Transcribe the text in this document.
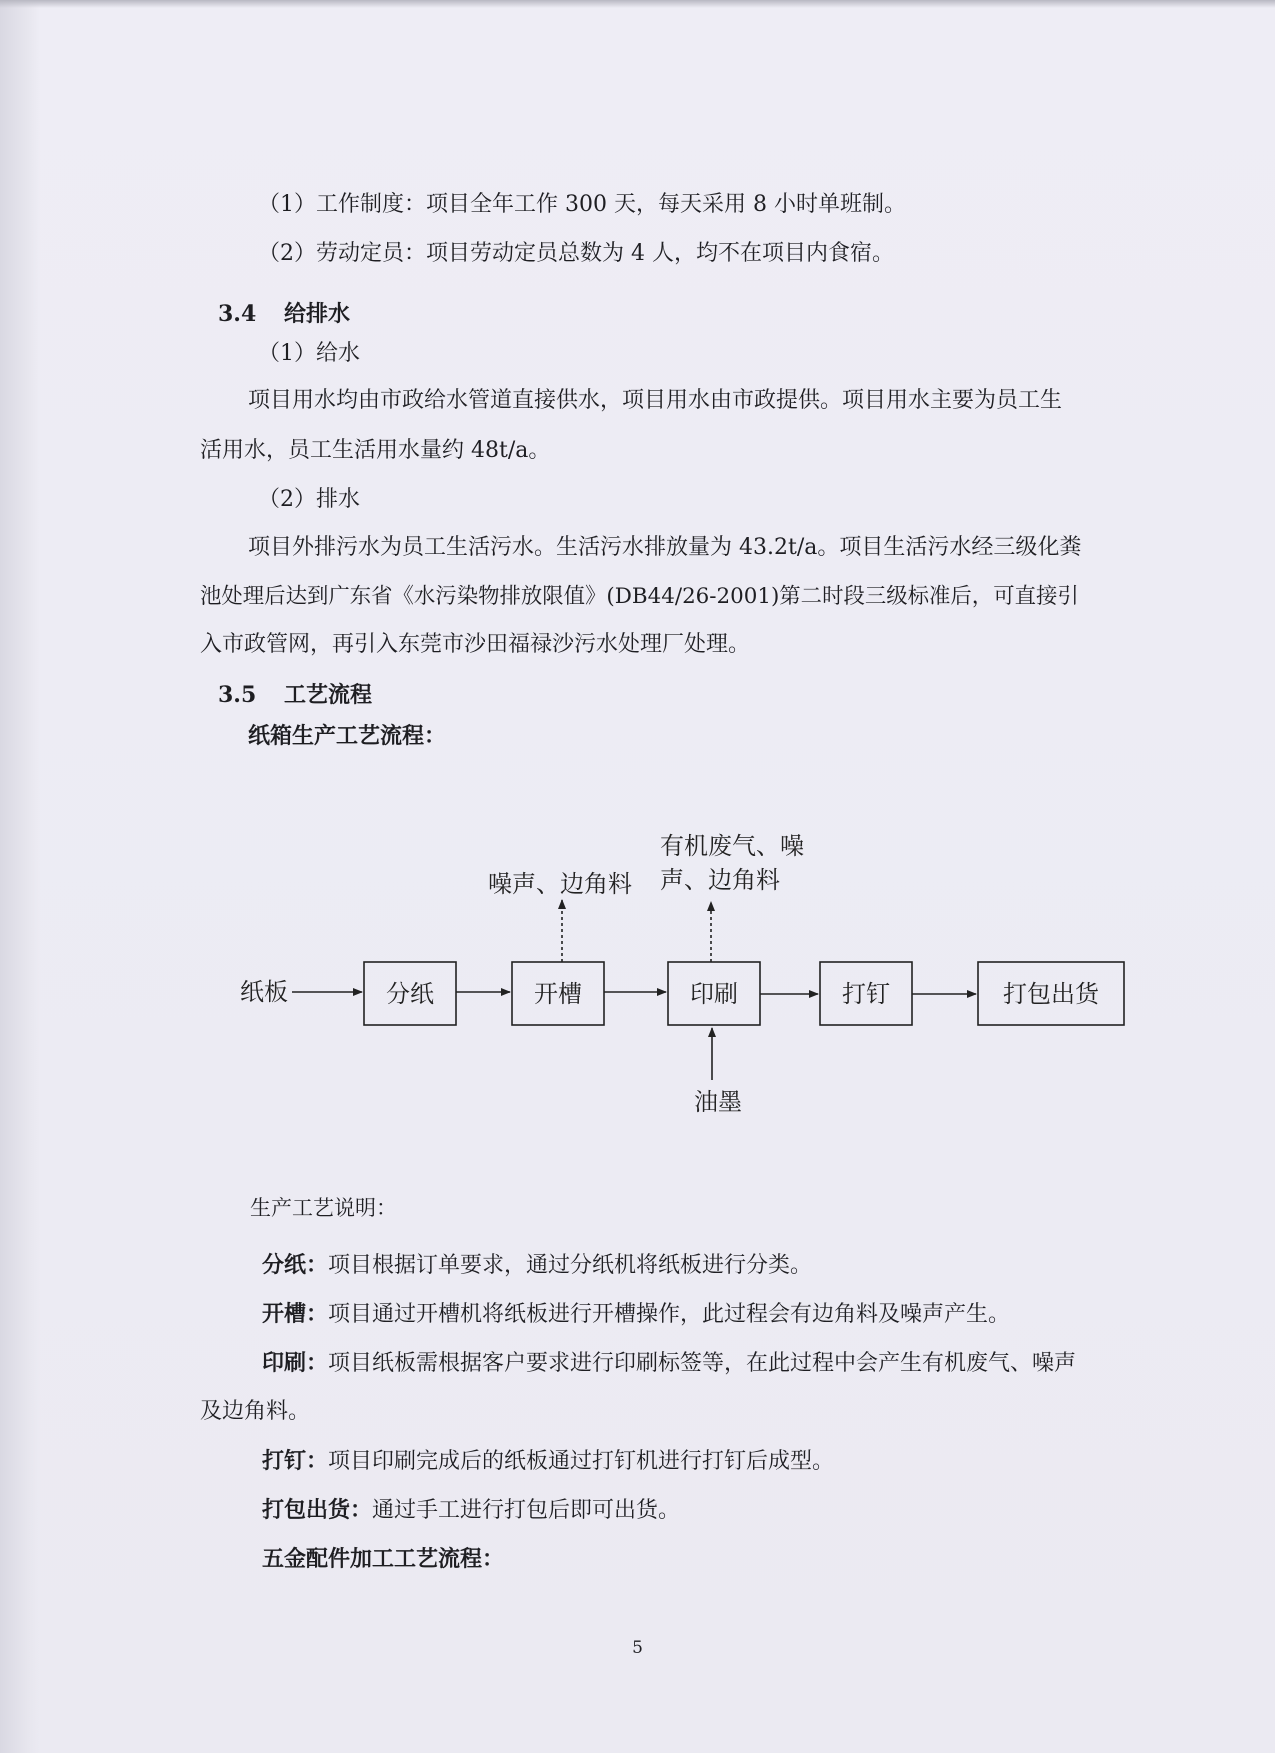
（1）工作制度：项目全年工作 300 天，每天采用 8 小时单班制。
（2）劳动定员：项目劳动定员总数为 4 人，均不在项目内食宿。
3.4 给排水
（1）给水
项目用水均由市政给水管道直接供水，项目用水由市政提供。项目用水主要为员工生
活用水，员工生活用水量约 48t/a。
（2）排水
项目外排污水为员工生活污水。生活污水排放量为 43.2t/a。项目生活污水经三级化粪
池处理后达到广东省《水污染物排放限值》(DB44/26-2001)第二时段三级标准后，可直接引
入市政管网，再引入东莞市沙田福禄沙污水处理厂处理。
3.5 工艺流程
纸箱生产工艺流程：
纸板	分纸	开槽	印刷	打钉	打包出货
噪声、边角料
有机废气、噪
声、边角料
油墨
生产工艺说明：
分纸：项目根据订单要求，通过分纸机将纸板进行分类。
开槽：项目通过开槽机将纸板进行开槽操作，此过程会有边角料及噪声产生。
印刷：项目纸板需根据客户要求进行印刷标签等，在此过程中会产生有机废气、噪声
及边角料。
打钉：项目印刷完成后的纸板通过打钉机进行打钉后成型。
打包出货：通过手工进行打包后即可出货。
五金配件加工工艺流程：
5
